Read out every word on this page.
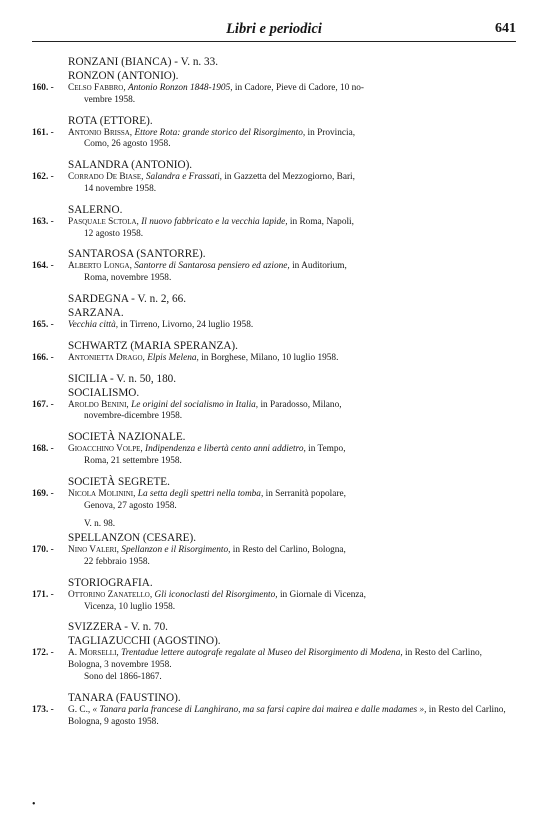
Libri e periodici	641
RONZANI (BIANCA) - V. n. 33.
RONZON (ANTONIO).
160. - Celso Fabbro, Antonio Ronzon 1848-1905, in Cadore, Pieve di Cadore, 10 no-
vembre 1958.
ROTA (ETTORE).
161. - Antonio Brissa, Ettore Rota: grande storico del Risorgimento, in Provincia,
Como, 26 agosto 1958.
SALANDRA (ANTONIO).
162. - Corrado De Biase, Salandra e Frassati, in Gazzetta del Mezzogiorno, Bari,
14 novembre 1958.
SALERNO.
163. - Pasquale Sctola, Il nuovo fabbricato e la vecchia lapide, in Roma, Napoli,
12 agosto 1958.
SANTAROSA (SANTORRE).
164. - Alberto Longa, Santorre di Santarosa pensiero ed azione, in Auditorium,
Roma, novembre 1958.
SARDEGNA - V. n. 2, 66.
SARZANA.
165. - Vecchia città, in Tirreno, Livorno, 24 luglio 1958.
SCHWARTZ (MARIA SPERANZA).
166. - Antonietta Drago, Elpis Melena, in Borghese, Milano, 10 luglio 1958.
SICILIA - V. n. 50, 180.
SOCIALISMO.
167. - Aroldo Benini, Le origini del socialismo in Italia, in Paradosso, Milano,
novembre-dicembre 1958.
SOCIETÀ NAZIONALE.
168. - Gioacchino Volpe, Indipendenza e libertà cento anni addietro, in Tempo,
Roma, 21 settembre 1958.
SOCIETÀ SEGRETE.
169. - Nicola Molinini, La setta degli spettri nella tomba, in Serranità popolare,
Genova, 27 agosto 1958.
V. n. 98.
SPELLANZON (CESARE).
170. - Nino Valeri, Spellanzon e il Risorgimento, in Resto del Carlino, Bologna,
22 febbraio 1958.
STORIOGRAFIA.
171. - Ottorino Zanatello, Gli iconoclasti del Risorgimento, in Giornale di Vicenza,
Vicenza, 10 luglio 1958.
SVIZZERA - V. n. 70.
TAGLIAZUCCHI (AGOSTINO).
172. - A. Morselli, Trentadue lettere autografe regalate al Museo del Risorgimento di Modena, in Resto del Carlino, Bologna, 3 novembre 1958.
Sono del 1866-1867.
TANARA (FAUSTINO).
173. - G. C., « Tanara parla francese di Langhirano, ma sa farsi capire dai mairea e dalle madames », in Resto del Carlino, Bologna, 9 agosto 1958.
•
